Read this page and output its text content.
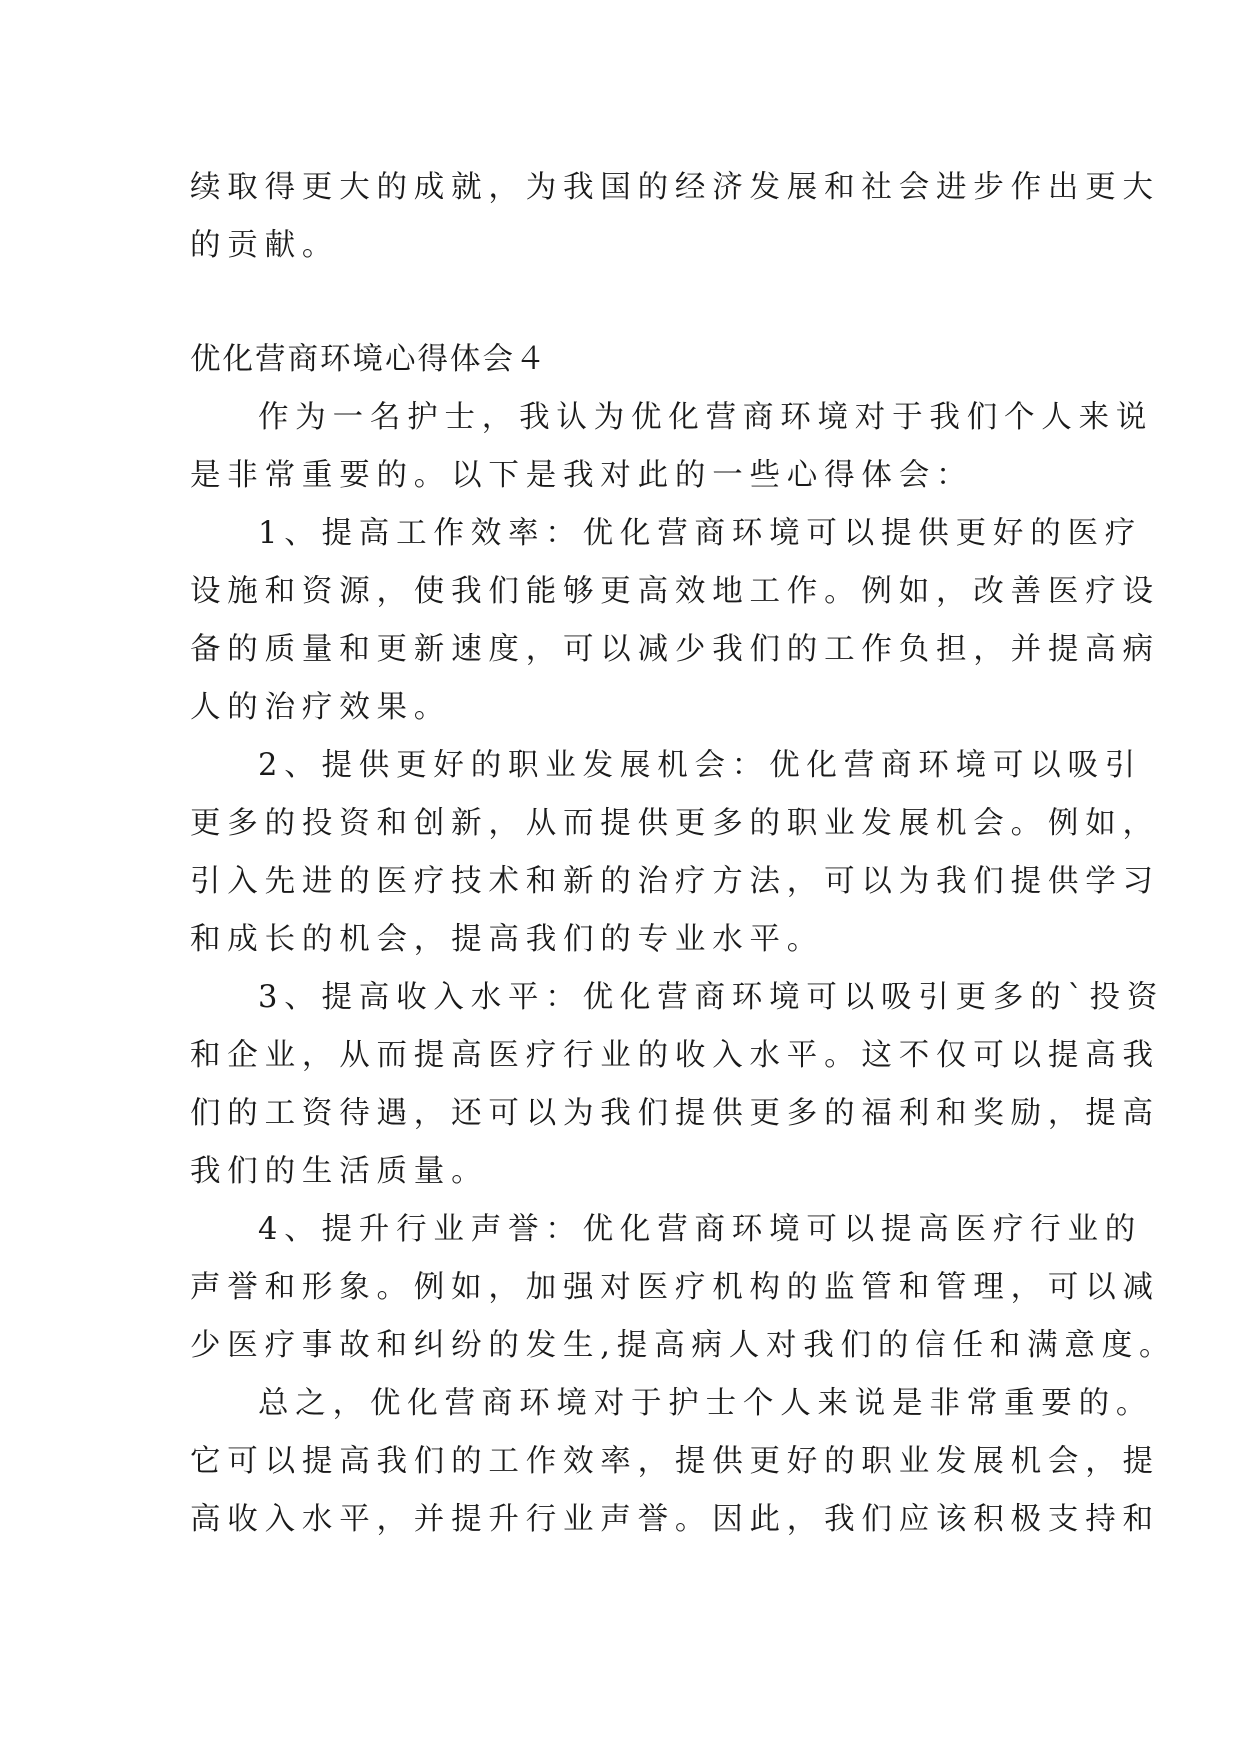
续取得更大的成就，为我国的经济发展和社会进步作出更大
的贡献。
优化营商环境心得体会４
作为一名护士，我认为优化营商环境对于我们个人来说
是非常重要的。以下是我对此的一些心得体会：
1、提高工作效率：优化营商环境可以提供更好的医疗
设施和资源，使我们能够更高效地工作。例如，改善医疗设
备的质量和更新速度，可以减少我们的工作负担，并提高病
人的治疗效果。
2、提供更好的职业发展机会：优化营商环境可以吸引
更多的投资和创新，从而提供更多的职业发展机会。例如，
引入先进的医疗技术和新的治疗方法，可以为我们提供学习
和成长的机会，提高我们的专业水平。
3、提高收入水平：优化营商环境可以吸引更多的`投资
和企业，从而提高医疗行业的收入水平。这不仅可以提高我
们的工资待遇，还可以为我们提供更多的福利和奖励，提高
我们的生活质量。
4、提升行业声誉：优化营商环境可以提高医疗行业的
声誉和形象。例如，加强对医疗机构的监管和管理，可以减
少医疗事故和纠纷的发生,提高病人对我们的信任和满意度。
总之，优化营商环境对于护士个人来说是非常重要的。
它可以提高我们的工作效率，提供更好的职业发展机会，提
高收入水平，并提升行业声誉。因此，我们应该积极支持和
